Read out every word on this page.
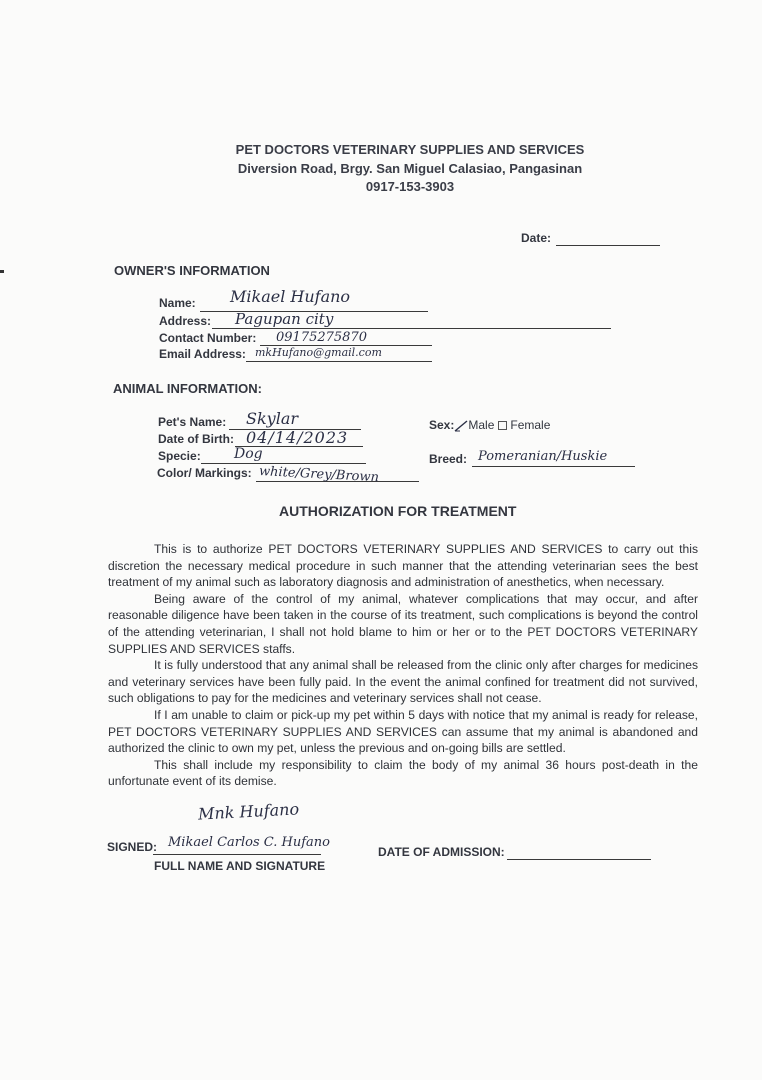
PET DOCTORS VETERINARY SUPPLIES AND SERVICES
Diversion Road, Brgy. San Miguel Calasiao, Pangasinan
0917-153-3903
Date:
OWNER'S INFORMATION
Name: Mikael Hufano
Address: Pagupan city
Contact Number: 09175275870
Email Address: mkHufano@gmail.com
ANIMAL INFORMATION:
Pet's Name: Skylar
Date of Birth: 04/14/2023
Specie: Dog
Color/ Markings: white/Grey/Brown
Sex: Male Female
Breed: Pomeranian/Huskie
AUTHORIZATION FOR TREATMENT

This is to authorize PET DOCTORS VETERINARY SUPPLIES AND SERVICES to carry out this discretion the necessary medical procedure in such manner that the attending veterinarian sees the best treatment of my animal such as laboratory diagnosis and administration of anesthetics, when necessary.

Being aware of the control of my animal, whatever complications that may occur, and after reasonable diligence have been taken in the course of its treatment, such complications is beyond the control of the attending veterinarian, I shall not hold blame to him or her or to the PET DOCTORS VETERINARY SUPPLIES AND SERVICES staffs.

It is fully understood that any animal shall be released from the clinic only after charges for medicines and veterinary services have been fully paid. In the event the animal confined for treatment did not survived, such obligations to pay for the medicines and veterinary services shall not cease.

If I am unable to claim or pick-up my pet within 5 days with notice that my animal is ready for release, PET DOCTORS VETERINARY SUPPLIES AND SERVICES can assume that my animal is abandoned and authorized the clinic to own my pet, unless the previous and on-going bills are settled.

This shall include my responsibility to claim the body of my animal 36 hours post-death in the unfortunate event of its demise.

Mnk Hufano
SIGNED: Mikael Carlos C. Hufano
FULL NAME AND SIGNATURE
DATE OF ADMISSION:
